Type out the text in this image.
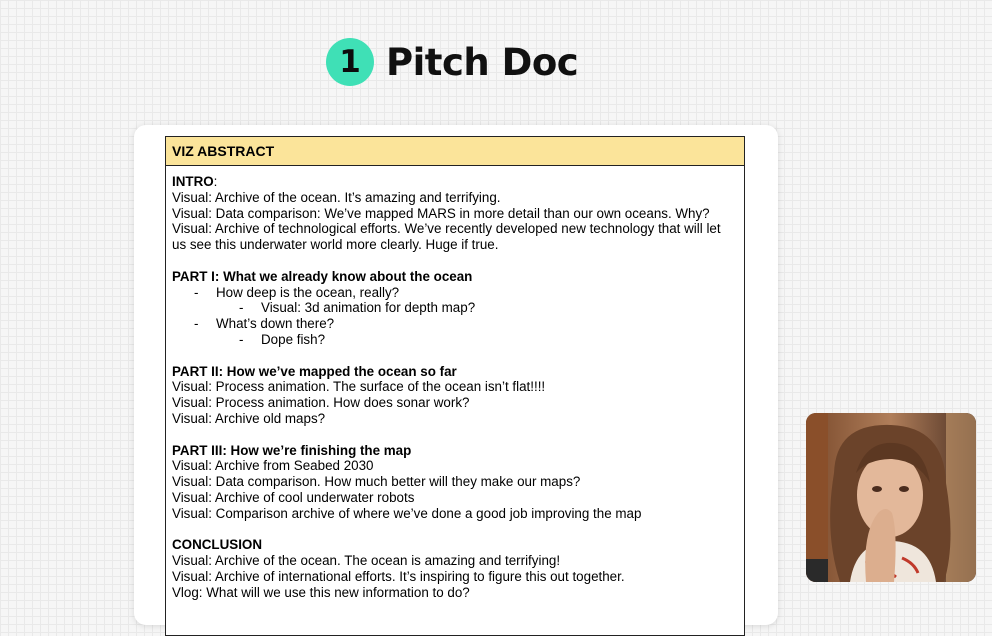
1 Pitch Doc
VIZ ABSTRACT
INTRO:
Visual: Archive of the ocean. It’s amazing and terrifying.
Visual: Data comparison: We’ve mapped MARS in more detail than our own oceans. Why?
Visual: Archive of technological efforts. We’ve recently developed new technology that will let us see this underwater world more clearly. Huge if true.
PART I: What we already know about the ocean
- How deep is the ocean, really?
- Visual: 3d animation for depth map?
- What’s down there?
- Dope fish?
PART II: How we’ve mapped the ocean so far
Visual: Process animation. The surface of the ocean isn’t flat!!!!
Visual: Process animation. How does sonar work?
Visual: Archive old maps?
PART III: How we’re finishing the map
Visual: Archive from Seabed 2030
Visual: Data comparison. How much better will they make our maps?
Visual: Archive of cool underwater robots
Visual: Comparison archive of where we’ve done a good job improving the map
CONCLUSION
Visual: Archive of the ocean. The ocean is amazing and terrifying!
Visual: Archive of international efforts. It’s inspiring to figure this out together.
Vlog: What will we use this new information to do?
